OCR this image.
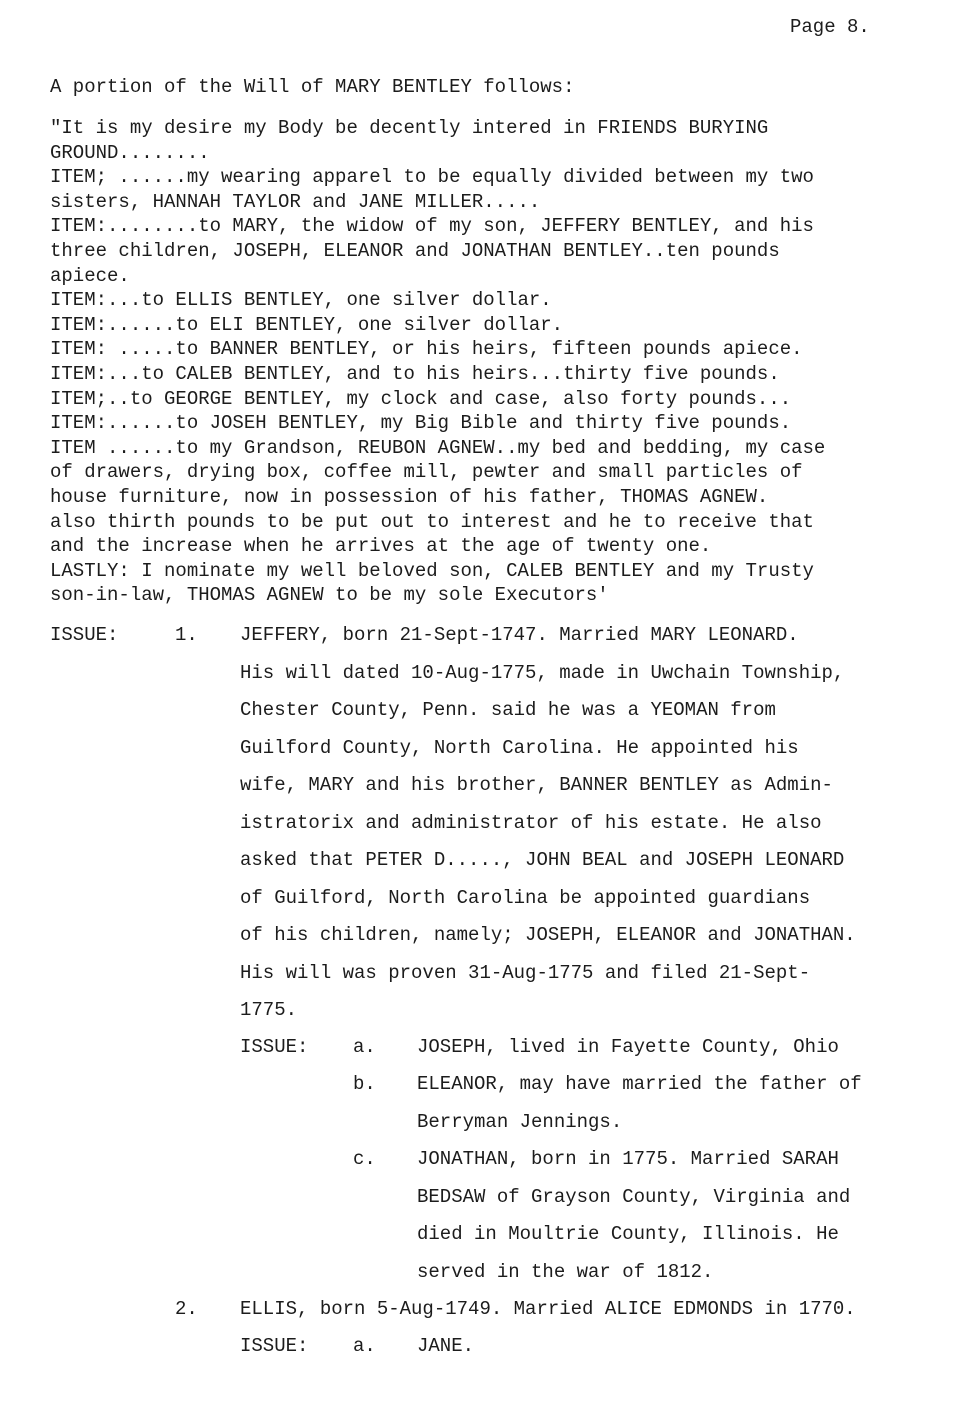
Page 8.
A portion of the Will of MARY BENTLEY follows:
"It is my desire my Body be decently intered in FRIENDS BURYING
GROUND........
ITEM; ......my wearing apparel to be equally divided between my two
sisters, HANNAH TAYLOR and JANE MILLER.....
ITEM:........to MARY, the widow of my son, JEFFERY BENTLEY, and his
three children, JOSEPH, ELEANOR and JONATHAN BENTLEY..ten pounds
apiece.
ITEM:...to ELLIS BENTLEY, one silver dollar.
ITEM:......to ELI BENTLEY, one silver dollar.
ITEM: .....to BANNER BENTLEY, or his heirs, fifteen pounds apiece.
ITEM:...to CALEB BENTLEY, and to his heirs...thirty five pounds.
ITEM;..to GEORGE BENTLEY, my clock and case, also forty pounds...
ITEM:......to JOSEH BENTLEY, my Big Bible and thirty five pounds.
ITEM ......to my Grandson, REUBON AGNEW..my bed and bedding, my case
of drawers, drying box, coffee mill, pewter and small particles of
house furniture, now in possession of his father, THOMAS AGNEW.
also thirth pounds to be put out to interest and he to receive that
and the increase when he arrives at the age of twenty one.
LASTLY: I nominate my well beloved son, CALEB BENTLEY and my Trusty
son-in-law, THOMAS AGNEW to be my sole Executors'
ISSUE:	1. JEFFERY, born 21-Sept-1747. Married MARY LEONARD.
His will dated 10-Aug-1775, made in Uwchain Township,
Chester County, Penn. said he was a YEOMAN from
Guilford County, North Carolina. He appointed his
wife, MARY and his brother, BANNER BENTLEY as Admin-
istratorix and administrator of his estate. He also
asked that PETER D....., JOHN BEAL and JOSEPH LEONARD
of Guilford, North Carolina be appointed guardians
of his children, namely; JOSEPH, ELEANOR and JONATHAN.
His will was proven 31-Aug-1775 and filed 21-Sept-
1775.
ISSUE: a. JOSEPH, lived in Fayette County, Ohio
b. ELEANOR, may have married the father of
Berryman Jennings.
c. JONATHAN, born in 1775. Married SARAH
BEDSAW of Grayson County, Virginia and
died in Moultrie County, Illinois. He
served in the war of 1812.
2. ELLIS, born 5-Aug-1749. Married ALICE EDMONDS in 1770.
ISSUE: a. JANE.
